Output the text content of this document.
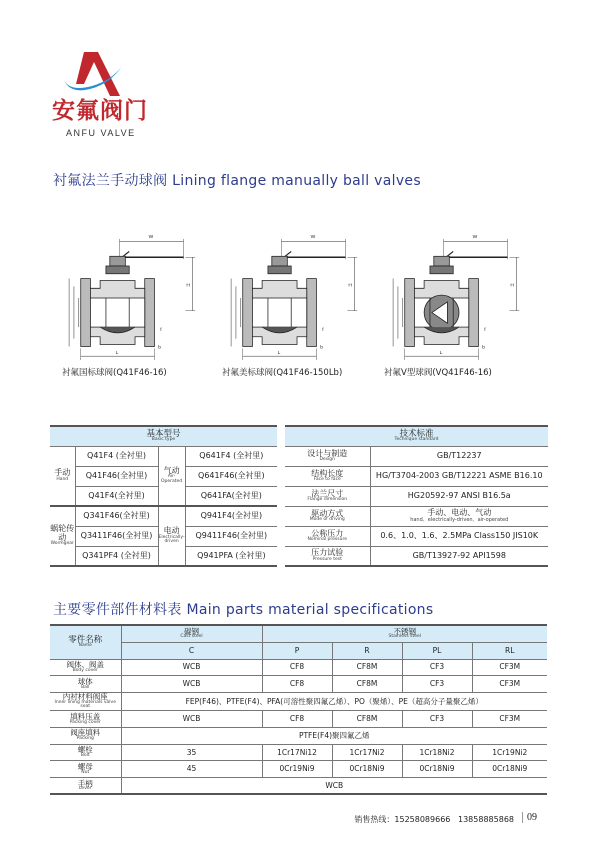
安氟阀门
ANFU VALVE
衬氟法兰手动球阀 Lining flange manually ball valves
L
W
H
f
b
L
W
H
f
b
L
W
H
f
b
衬氟国标球阀(Q41F46-16)	衬氟美标球阀(Q41F46-150Lb)	衬氟V型球阀(VQ41F46-16)
基本型号
Basic type			

手动
Hand	Q41F4 (全衬里)	气动
Air-Operated	Q641F4 (全衬里)
	Q41F46(全衬里)		Q641F46(全衬里)
	Q41F4(全衬里)		Q641FA(全衬里)
蜗轮传动
Wormgear	Q341F46(全衬里)	电动
Electrically-driven	Q941F4(全衬里)
	Q3411F46(全衬里)		Q9411F46(全衬里)
	Q341PF4 (全衬里)		Q941PFA (全衬里)
技术标准
Technique standard	

设计与制造
Design	GB/T12237
结构长度
Face to face	HG/T3704-2003 GB/T12221 ASME B16.10
法兰尺寸
Flange dimension	HG20592-97 ANSI B16.5a
驱动方式
Mode of driving	手动、电动、气动
hand、electrically-driven、air-operated

公称压力
Nominal pressure	0.6、1.0、1.6、2.5MPa Class150 JIS10K
压力试验
Pressure test	GB/T13927-92 API1598
主要零件部件材料表 Main parts material specifications
零件名称
Name	碳钢
Cast steel	不锈钢
Stainless steel			

	C	P	R	PL	RL
阀体、阀盖
Body cover	WCB	CF8	CF8M	CF3	CF3M
球体
Ball	WCB	CF8	CF8M	CF3	CF3M
内衬材料阀座
Inner lining materials valve seat	FEP(F46)、PTFE(F4)、PFA(可溶性聚四氟乙烯）、PO（聚烯）、PE（超高分子量聚乙烯）				
填料压盖
Packing cover	WCB	CF8	CF8M	CF3	CF3M
阀座填料
Packing	PTFE(F4)聚四氟乙烯				
螺栓
Bolt	35	1Cr17Ni12	1Cr17Ni2	1Cr18Ni2	1Cr19Ni2
螺母
Nut	45	0Cr19Ni9	0Cr18Ni9	0Cr18Ni9	0Cr18Ni9
手柄
Lever	WCB				
销售热线：15258089666   13858885868	09
